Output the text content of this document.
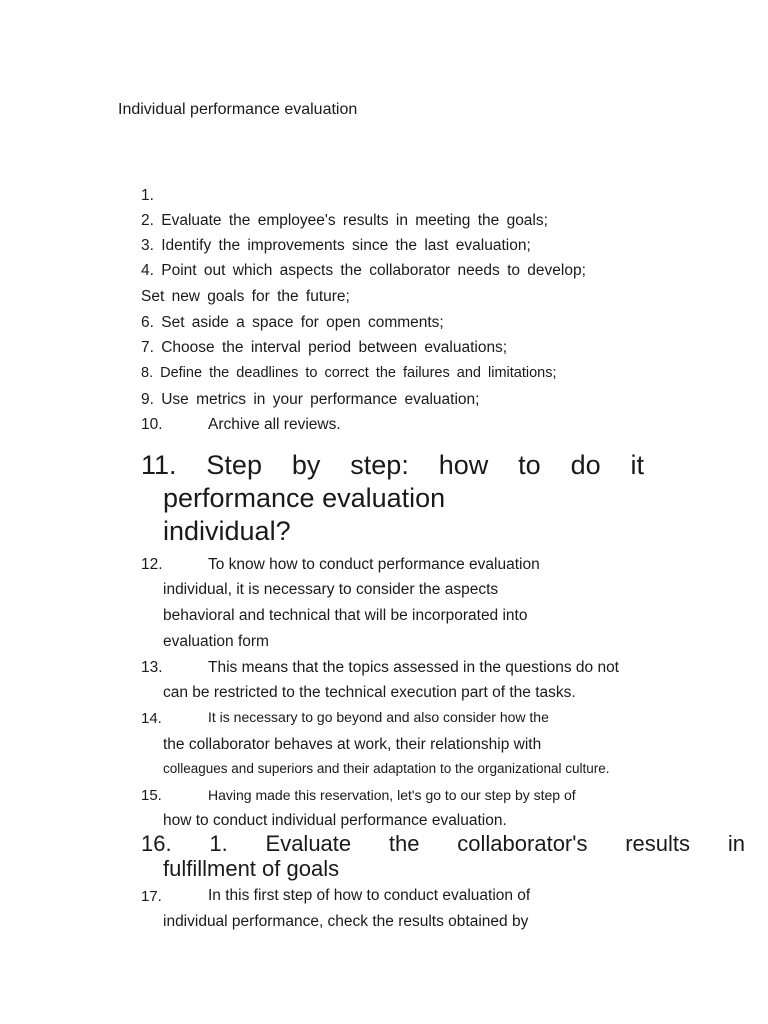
Individual performance evaluation
1.
2. Evaluate the employee's results in meeting the goals;
3. Identify the improvements since the last evaluation;
4. Point out which aspects the collaborator needs to develop;
Set new goals for the future;
6. Set aside a space for open comments;
7. Choose the interval period between evaluations;
8. Define the deadlines to correct the failures and limitations;
9. Use metrics in your performance evaluation;
10.	Archive all reviews.
11. Step by step: how to do it
performance evaluation
individual?
12.	To know how to conduct performance evaluation
individual, it is necessary to consider the aspects
behavioral and technical that will be incorporated into
evaluation form
13.	This means that the topics assessed in the questions do not
can be restricted to the technical execution part of the tasks.
14.	It is necessary to go beyond and also consider how the
the collaborator behaves at work, their relationship with
colleagues and superiors and their adaptation to the organizational culture.
15.	Having made this reservation, let's go to our step by step of
how to conduct individual performance evaluation.
16. 1. Evaluate the collaborator's results in
fulfillment of goals
17.	In this first step of how to conduct evaluation of
individual performance, check the results obtained by
